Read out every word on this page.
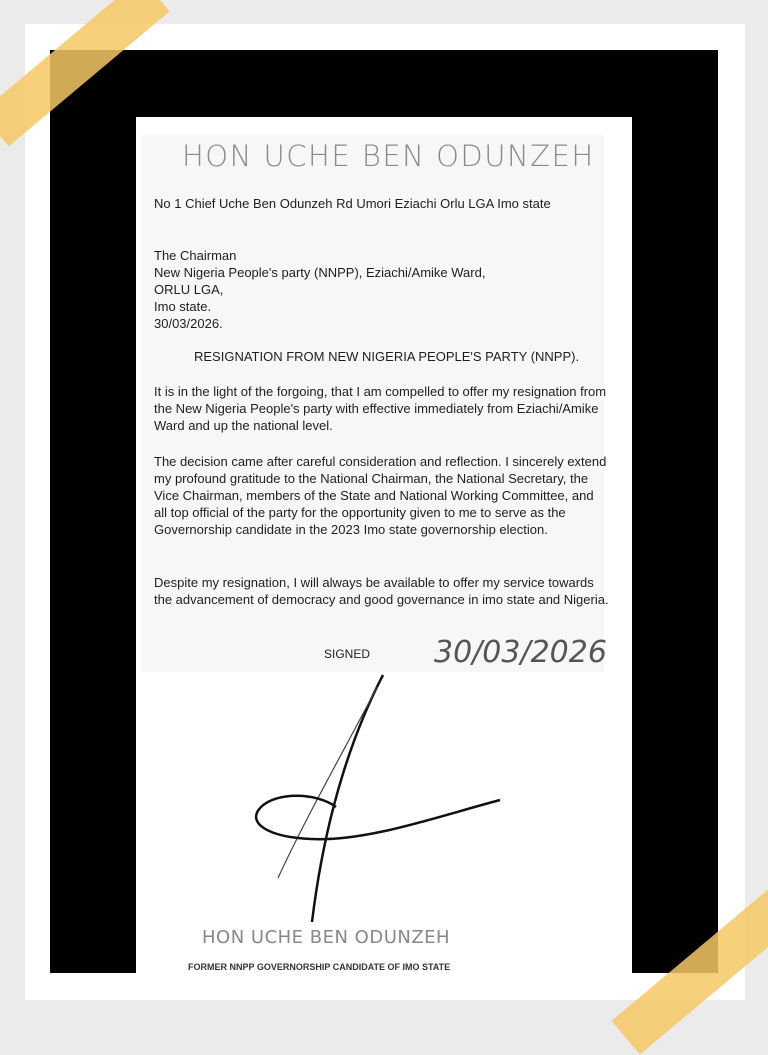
HON UCHE BEN ODUNZEH
No 1 Chief Uche Ben Odunzeh Rd Umori Eziachi Orlu LGA Imo state
The Chairman
New Nigeria People's party (NNPP), Eziachi/Amike Ward,
ORLU LGA,
Imo state.
30/03/2026.
RESIGNATION FROM NEW NIGERIA PEOPLE'S PARTY (NNPP).
It is in the light of the forgoing, that I am compelled to offer my resignation from the New Nigeria People's party with effective immediately from Eziachi/Amike Ward and up the national level.
The decision came after careful consideration and reflection. I sincerely extend my profound gratitude to the National Chairman, the National Secretary, the Vice Chairman, members of the State and National Working Committee, and all top official of the party for the opportunity given to me to serve as the Governorship candidate in the 2023 Imo state governorship election.
Despite my resignation, I will always be available to offer my service towards the advancement of democracy and good governance in imo state and Nigeria.
SIGNED 30/03/2026
HON UCHE BEN ODUNZEH
FORMER NNPP GOVERNORSHIP CANDIDATE OF IMO STATE
